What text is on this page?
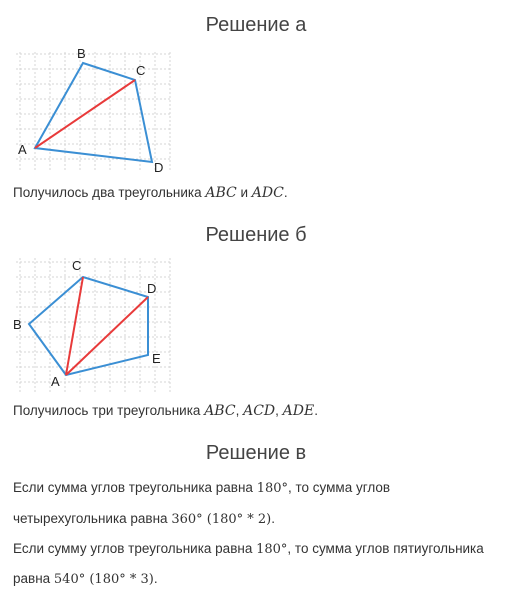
Решение а
A
B
C
D

Получилось два треугольника ABC и ADC.

Решение б
A
B
C
D
E

Получилось три треугольника ABC, ACD, ADE.

Решение в

Если сумма углов треугольника равна 180°, то сумма углов

четырехугольника равна 360° (180° * 2).

Если сумму углов треугольника равна 180°, то сумма углов пятиугольника

равна 540° (180° * 3).
